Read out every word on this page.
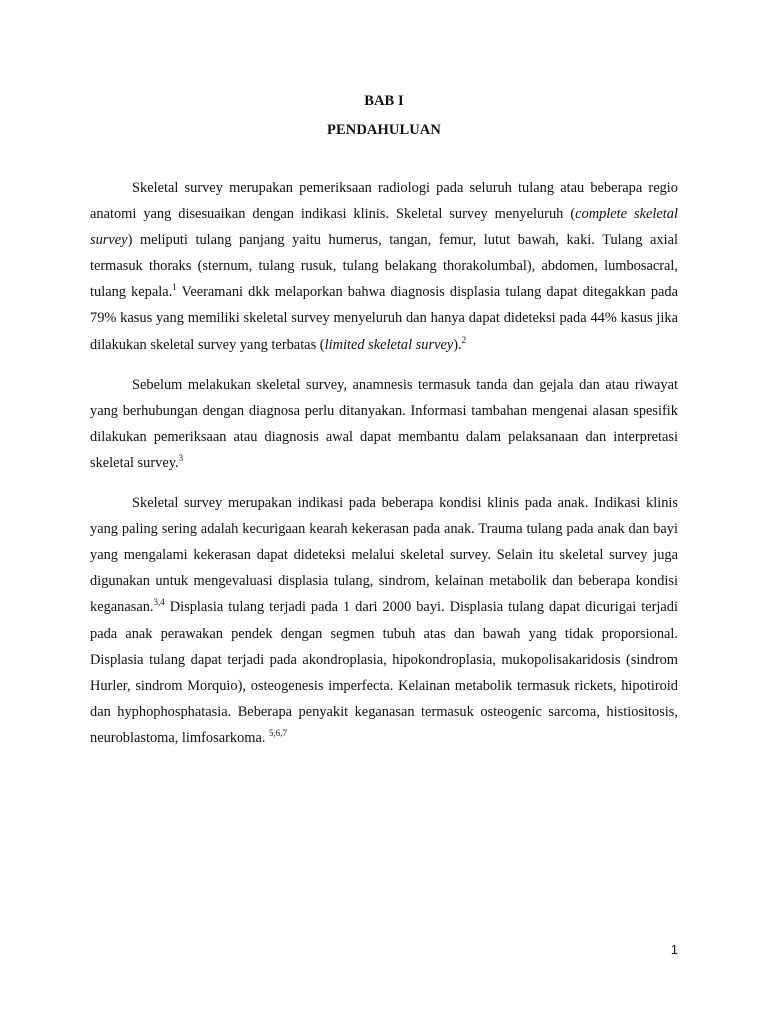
BAB I
PENDAHULUAN

Skeletal survey merupakan pemeriksaan radiologi pada seluruh tulang atau beberapa regio anatomi yang disesuaikan dengan indikasi klinis. Skeletal survey menyeluruh (complete skeletal survey) meliputi tulang panjang yaitu humerus, tangan, femur, lutut bawah, kaki. Tulang axial termasuk thoraks (sternum, tulang rusuk, tulang belakang thorakolumbal), abdomen, lumbosacral, tulang kepala.$^1$ Veeramani dkk melaporkan bahwa diagnosis displasia tulang dapat ditegakkan pada 79% kasus yang memiliki skeletal survey menyeluruh dan hanya dapat dideteksi pada 44% kasus jika dilakukan skeletal survey yang terbatas (limited skeletal survey).$^2$

Sebelum melakukan skeletal survey, anamnesis termasuk tanda dan gejala dan atau riwayat yang berhubungan dengan diagnosa perlu ditanyakan. Informasi tambahan mengenai alasan spesifik dilakukan pemeriksaan atau diagnosis awal dapat membantu dalam pelaksanaan dan interpretasi skeletal survey.$^3$

Skeletal survey merupakan indikasi pada beberapa kondisi klinis pada anak. Indikasi klinis yang paling sering adalah kecurigaan kearah kekerasan pada anak. Trauma tulang pada anak dan bayi yang mengalami kekerasan dapat dideteksi melalui skeletal survey. Selain itu skeletal survey juga digunakan untuk mengevaluasi displasia tulang, sindrom, kelainan metabolik dan beberapa kondisi keganasan.$^{3,4}$ Displasia tulang terjadi pada 1 dari 2000 bayi. Displasia tulang dapat dicurigai terjadi pada anak perawakan pendek dengan segmen tubuh atas dan bawah yang tidak proporsional. Displasia tulang dapat terjadi pada akondroplasia, hipokondroplasia, mukopolisakaridosis (sindrom Hurler, sindrom Morquio), osteogenesis imperfecta. Kelainan metabolik termasuk rickets, hipotiroid dan hyphophosphatasia. Beberapa penyakit keganasan termasuk osteogenic sarcoma, histiositosis, neuroblastoma, limfosarkoma. $^{5,6,7}$

1
